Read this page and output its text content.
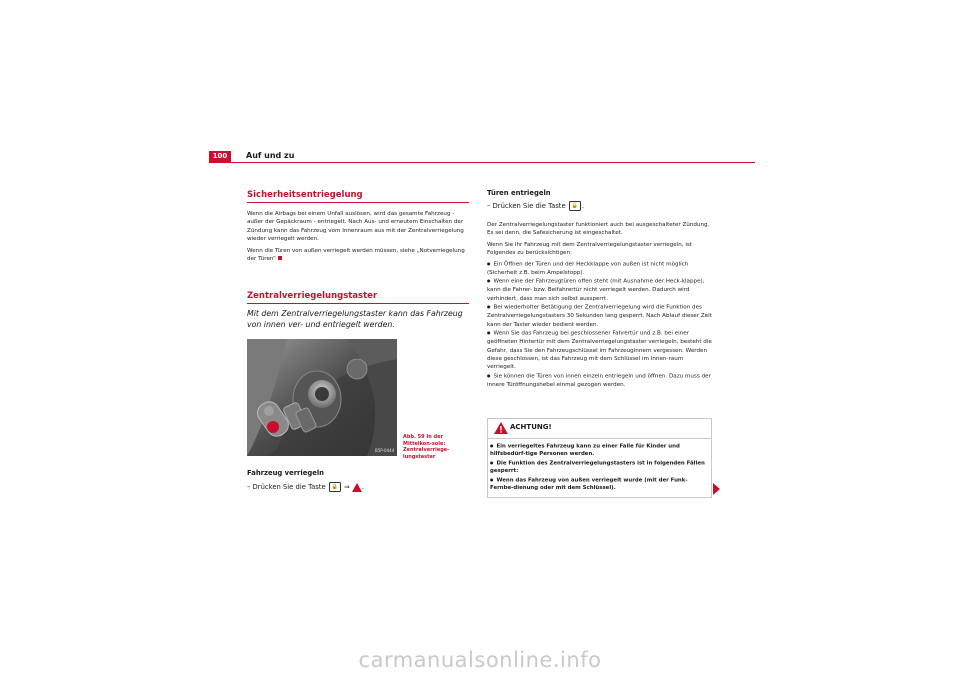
100	Auf und zu
Sicherheitsentriegelung

Wenn die Airbags bei einem Unfall auslösen, wird das gesamte Fahrzeug - außer der Gepäckraum - entriegelt. Nach Aus- und erneutem Einschalten der Zündung kann das Fahrzeug vom Innenraum aus mit der Zentralverriegelung wieder verriegelt werden.

Wenn die Türen von außen verriegelt werden müssen, siehe „Notverriegelung der Türen“

Zentralverriegelungstaster
Mit dem Zentralverriegelungstaster kann das Fahrzeug von innen ver- und entriegelt werden.
B5P-0444
Abb. 59 In der Mittelkon-sole: Zentralverriege-lungstaster
Fahrzeug verriegeln
– Drücken Sie die Taste 🔒 ⇒ .
Türen entriegeln
– Drücken Sie die Taste 🔓 .

Der Zentralverriegelungstaster funktioniert auch bei ausgeschalteter Zündung. Es sei denn, die Safesicherung ist eingeschaltet.

Wenn Sie Ihr Fahrzeug mit dem Zentralverriegelungstaster verriegeln, ist Folgendes zu berücksichtigen:

● Ein Öffnen der Türen und der Heckklappe von außen ist nicht möglich (Sicherheit z.B. beim Ampelstopp).

● Wenn eine der Fahrzeugtüren offen steht (mit Ausnahme der Heck-klappe), kann die Fahrer- bzw. Beifahrertür nicht verriegelt werden. Dadurch wird verhindert, dass man sich selbst aussperrt.

● Bei wiederholter Betätigung der Zentralverriegelung wird die Funktion des Zentralverriegelungstasters 30 Sekunden lang gesperrt. Nach Ablauf dieser Zeit kann der Taster wieder bedient werden.

● Wenn Sie das Fahrzeug bei geschlossener Fahrertür und z.B. bei einer geöffneten Hintertür mit dem Zentralverriegelungstaster verriegeln, besteht die Gefahr, dass Sie den Fahrzeugschlüssel im Fahrzeuginnern vergessen. Werden diese geschlossen, ist das Fahrzeug mit dem Schlüssel im Innen-raum verriegelt.

● Sie können die Türen von innen einzeln entriegeln und öffnen. Dazu muss der innere Türöffnungshebel einmal gezogen werden.

ACHTUNG!

● Ein verriegeltes Fahrzeug kann zu einer Falle für Kinder und hilfsbedürf-tige Personen werden.

● Die Funktion des Zentralverriegelungstasters ist in folgenden Fällen gesperrt:

● Wenn das Fahrzeug von außen verriegelt wurde (mit der Funk-Fernbe-dienung oder mit dem Schlüssel).

carmanualsonline.info
